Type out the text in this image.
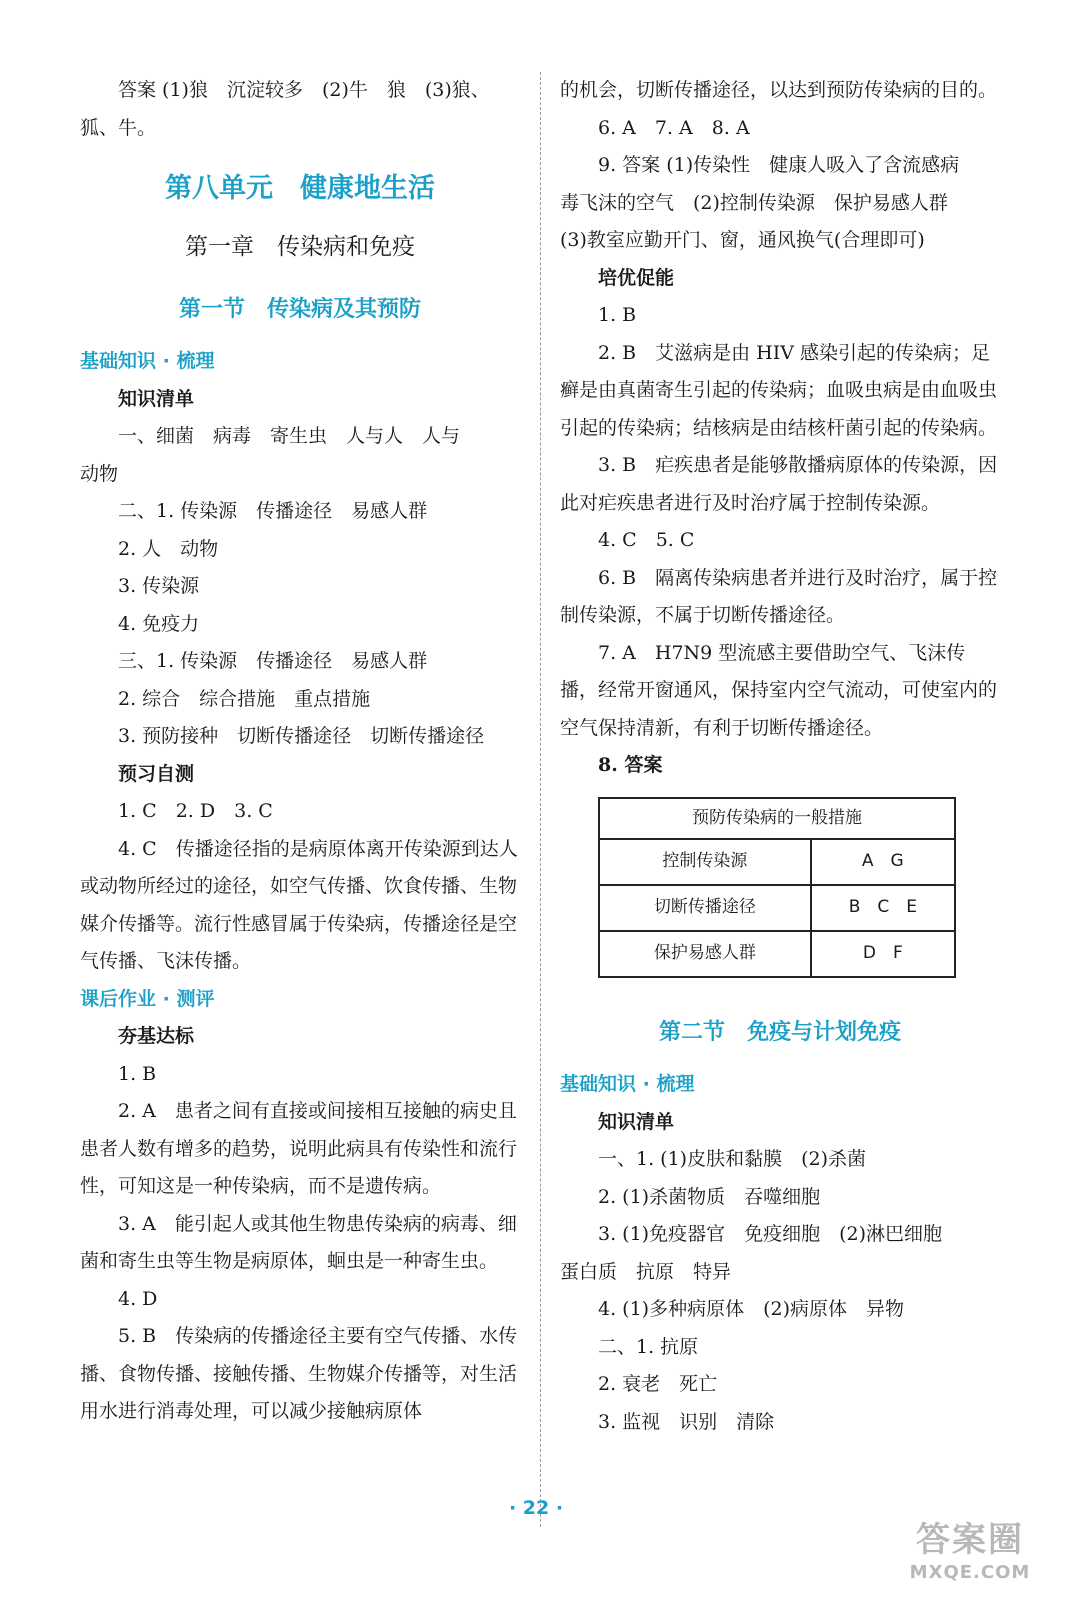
答案 (1)狼　沉淀较多　(2)牛　狼　(3)狼、

狐、牛。

第八单元　健康地生活
第一章　传染病和免疫
第一节　传染病及其预防
基础知识 · 梳理
知识清单

一、细菌　病毒　寄生虫　人与人　人与

动物

二、1. 传染源　传播途径　易感人群

2. 人　动物

3. 传染源

4. 免疫力

三、1. 传染源　传播途径　易感人群

2. 综合　综合措施　重点措施

3. 预防接种　切断传播途径　切断传播途径

预习自测

1. C　2. D　3. C

4. C　传播途径指的是病原体离开传染源到达人或动物所经过的途径，如空气传播、饮食传播、生物媒介传播等。流行性感冒属于传染病，传播途径是空气传播、飞沫传播。

课后作业 · 测评
夯基达标

1. B

2. A　患者之间有直接或间接相互接触的病史且患者人数有增多的趋势，说明此病具有传染性和流行性，可知这是一种传染病，而不是遗传病。

3. A　能引起人或其他生物患传染病的病毒、细菌和寄生虫等生物是病原体，蛔虫是一种寄生虫。

4. D

5. B　传染病的传播途径主要有空气传播、水传播、食物传播、接触传播、生物媒介传播等，对生活用水进行消毒处理，可以减少接触病原体

的机会，切断传播途径，以达到预防传染病的目的。

6. A　7. A　8. A

9. 答案 (1)传染性　健康人吸入了含流感病

毒飞沫的空气　(2)控制传染源　保护易感人群

(3)教室应勤开门、窗，通风换气(合理即可)

培优促能

1. B

2. B　艾滋病是由 HIV 感染引起的传染病；足癣是由真菌寄生引起的传染病；血吸虫病是由血吸虫引起的传染病；结核病是由结核杆菌引起的传染病。

3. B　疟疾患者是能够散播病原体的传染源，因此对疟疾患者进行及时治疗属于控制传染源。

4. C　5. C

6. B　隔离传染病患者并进行及时治疗，属于控制传染源，不属于切断传播途径。

7. A　H7N9 型流感主要借助空气、飞沫传播，经常开窗通风，保持室内空气流动，可使室内的空气保持清新，有利于切断传播途径。

8. 答案

预防传染病的一般措施	
控制传染源	A　G
切断传播途径	B　C　E
保护易感人群	D　F
第二节　免疫与计划免疫
基础知识 · 梳理
知识清单

一、1. (1)皮肤和黏膜　(2)杀菌

2. (1)杀菌物质　吞噬细胞

3. (1)免疫器官　免疫细胞　(2)淋巴细胞

蛋白质　抗原　特异

4. (1)多种病原体　(2)病原体　异物

二、1. 抗原

2. 衰老　死亡

3. 监视　识别　清除

· 22 ·
答案圈
MXQE.COM
